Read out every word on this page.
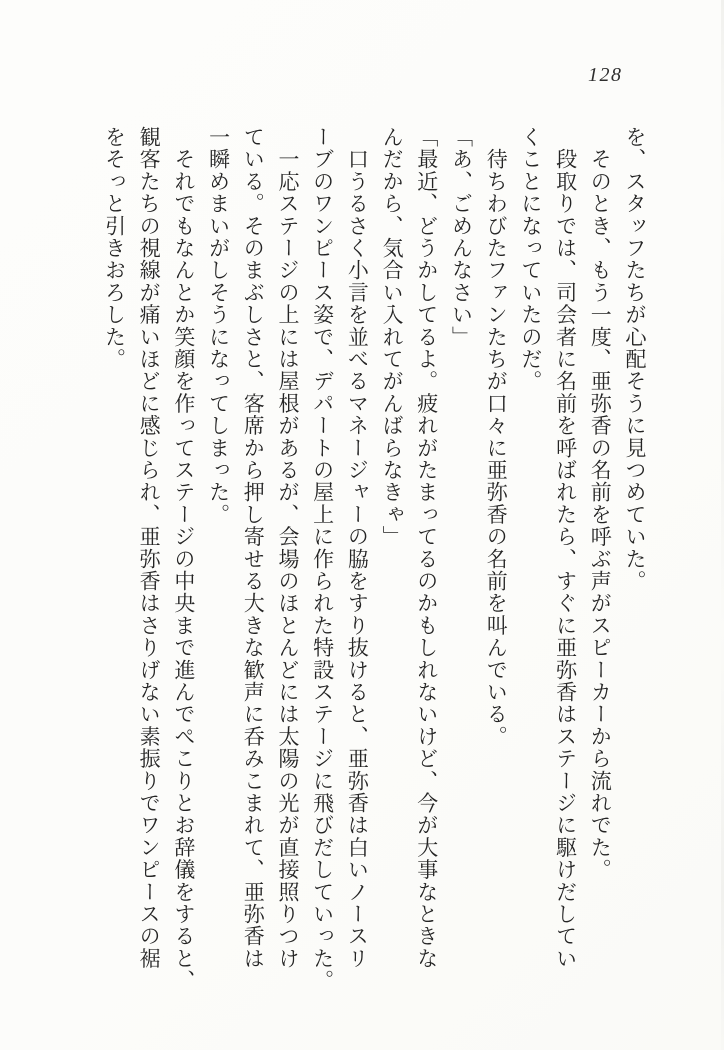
128
を、スタッフたちが心配そうに見つめていた。
　そのとき、もう一度、亜弥香の名前を呼ぶ声がスピーカーから流れでた。
　段取りでは、司会者に名前を呼ばれたら、すぐに亜弥香はステージに駆けだしてい
くことになっていたのだ。
　待ちわびたファンたちが口々に亜弥香の名前を叫んでいる。
「あ、ごめんなさい」
「最近、どうかしてるよ。疲れがたまってるのかもしれないけど、今が大事なときな
んだから、気合い入れてがんばらなきゃ」
　口うるさく小言を並べるマネージャーの脇をすり抜けると、亜弥香は白いノースリ
ーブのワンピース姿で、デパートの屋上に作られた特設ステージに飛びだしていった。
　一応ステージの上には屋根があるが、会場のほとんどには太陽の光が直接照りつけ
ている。そのまぶしさと、客席から押し寄せる大きな歓声に呑みこまれて、亜弥香は
一瞬めまいがしそうになってしまった。
　それでもなんとか笑顔を作ってステージの中央まで進んでぺこりとお辞儀をすると、
観客たちの視線が痛いほどに感じられ、亜弥香はさりげない素振りでワンピースの裾
をそっと引きおろした。
